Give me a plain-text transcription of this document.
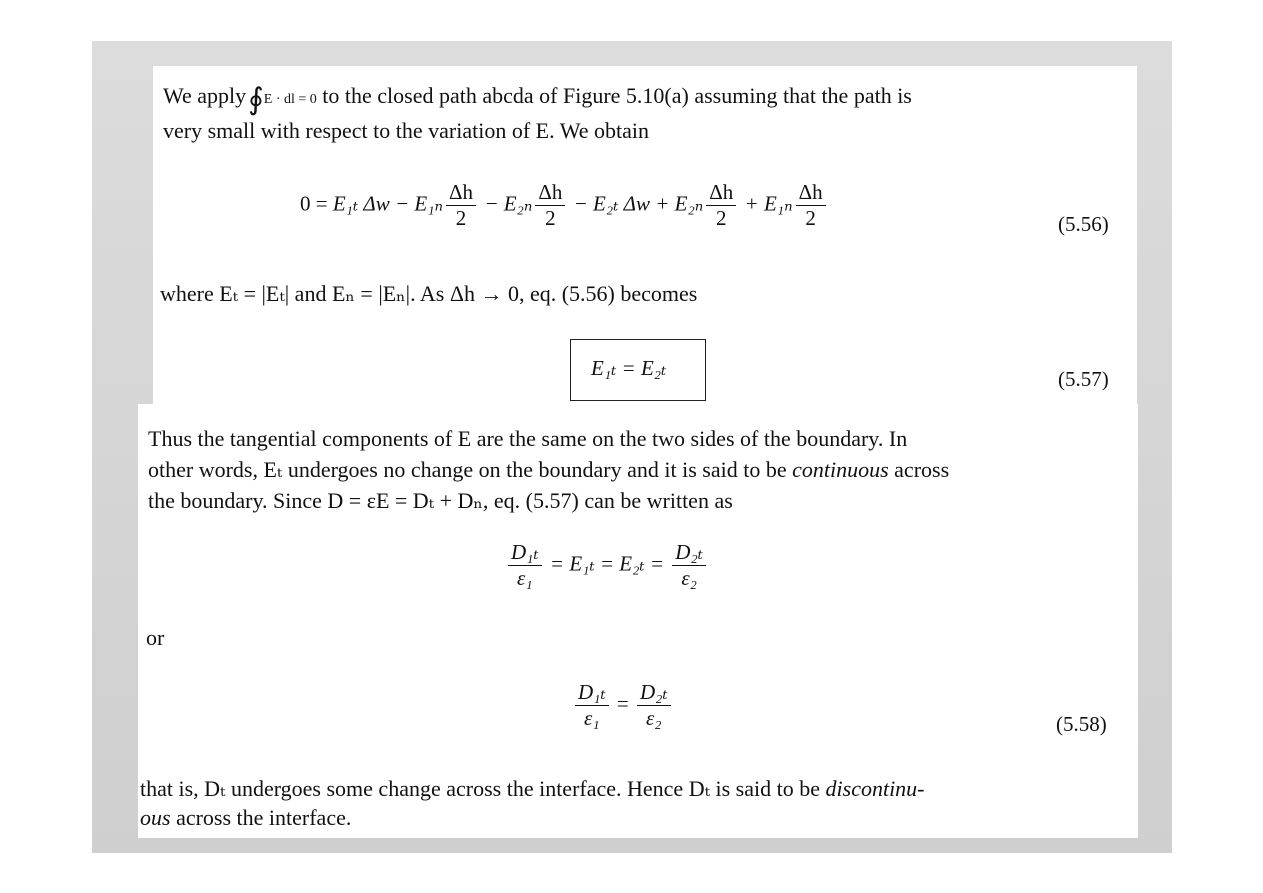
We apply∮E · dl = 0 to the closed path abcda of Figure 5.10(a) assuming that the path is
very small with respect to the variation of E. We obtain
0 = E₁ₜ $\Delta w - E_{1n} \frac{\Delta h}{2} - E_{2n} \frac{\Delta h}{2} - E_{2t}$ $\Delta w + E_{2n} \frac{\Delta h}{2} + E_{1n} \frac{\Delta h}{2}$	(5.56)
where Eₜ = |Eₜ| and Eₙ = |Eₙ|. As Δh → 0, eq. (5.56) becomes
E₁ₜ = E₂ₜ	(5.57)
Thus the tangential components of E are the same on the two sides of the boundary. In
other words, Eₜ undergoes no change on the boundary and it is said to be continuous across
the boundary. Since D = εE = Dₜ + Dₙ, eq. (5.57) can be written as
$\frac{\text{D₁ₜ}}{\text{ε₁}} = E_{1t} = E_{2t} = \frac{\text{D₂ₜ}}{\text{ε₂}}$
or
$\frac{\text{D₁ₜ}}{\text{ε₁}} = \frac{\text{D₂ₜ}}{\text{ε₂}}$	(5.58)
that is, Dₜ undergoes some change across the interface. Hence Dₜ is said to be discontinu-
ous across the interface.
